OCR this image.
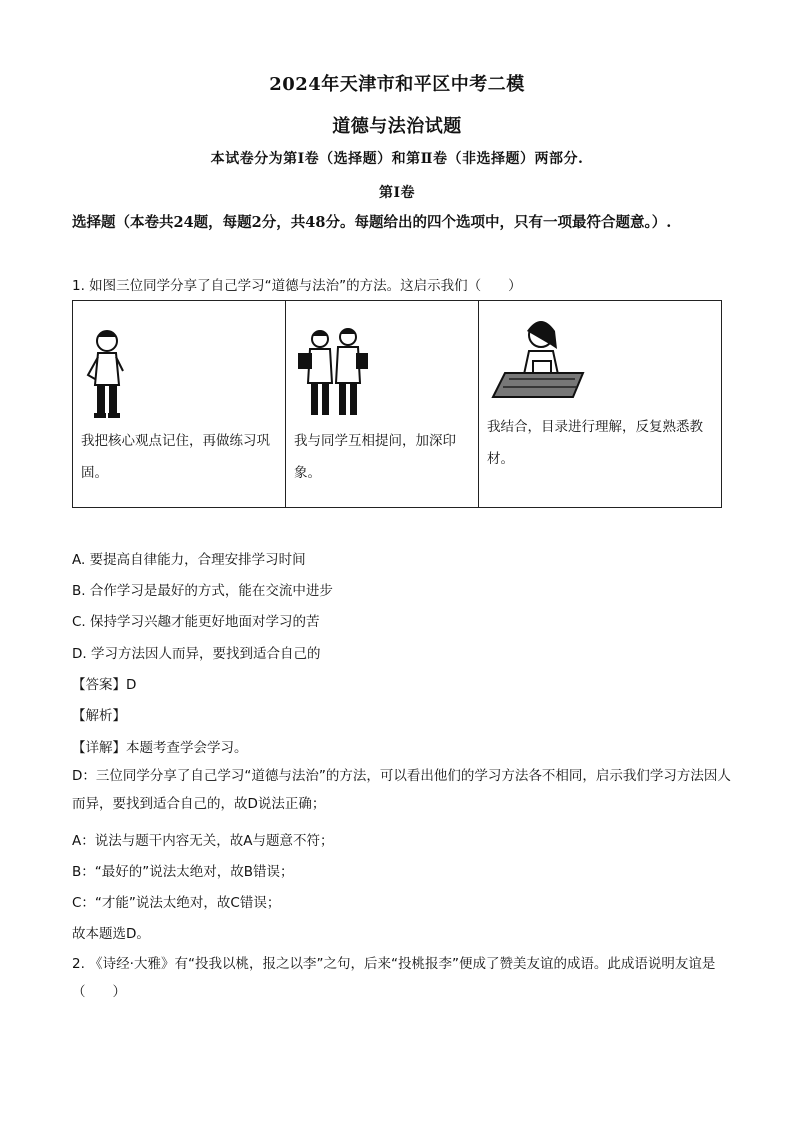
2024年天津市和平区中考二模
道德与法治试题
本试卷分为第Ⅰ卷（选择题）和第Ⅱ卷（非选择题）两部分.
第Ⅰ卷
选择题（本卷共24题，每题2分，共48分。每题给出的四个选项中，只有一项最符合题意。）.
1. 如图三位同学分享了自己学习“道德与法治”的方法。这启示我们（　　）
我把核心观点记住，再做练习巩固。

我与同学互相提问，加深印象。

我结合，目录进行理解，反复熟悉教材。
A. 要提高自律能力，合理安排学习时间
B. 合作学习是最好的方式，能在交流中进步
C. 保持学习兴趣才能更好地面对学习的苦
D. 学习方法因人而异，要找到适合自己的
【答案】D
【解析】
【详解】本题考查学会学习。
D：三位同学分享了自己学习“道德与法治”的方法，可以看出他们的学习方法各不相同，启示我们学习方法因人而异，要找到适合自己的，故D说法正确；
A：说法与题干内容无关，故A与题意不符；
B：“最好的”说法太绝对，故B错误；
C：“才能”说法太绝对，故C错误；
故本题选D。
2. 《诗经·大雅》有“投我以桃，报之以李”之句，后来“投桃报李”便成了赞美友谊的成语。此成语说明友谊是（　　）
